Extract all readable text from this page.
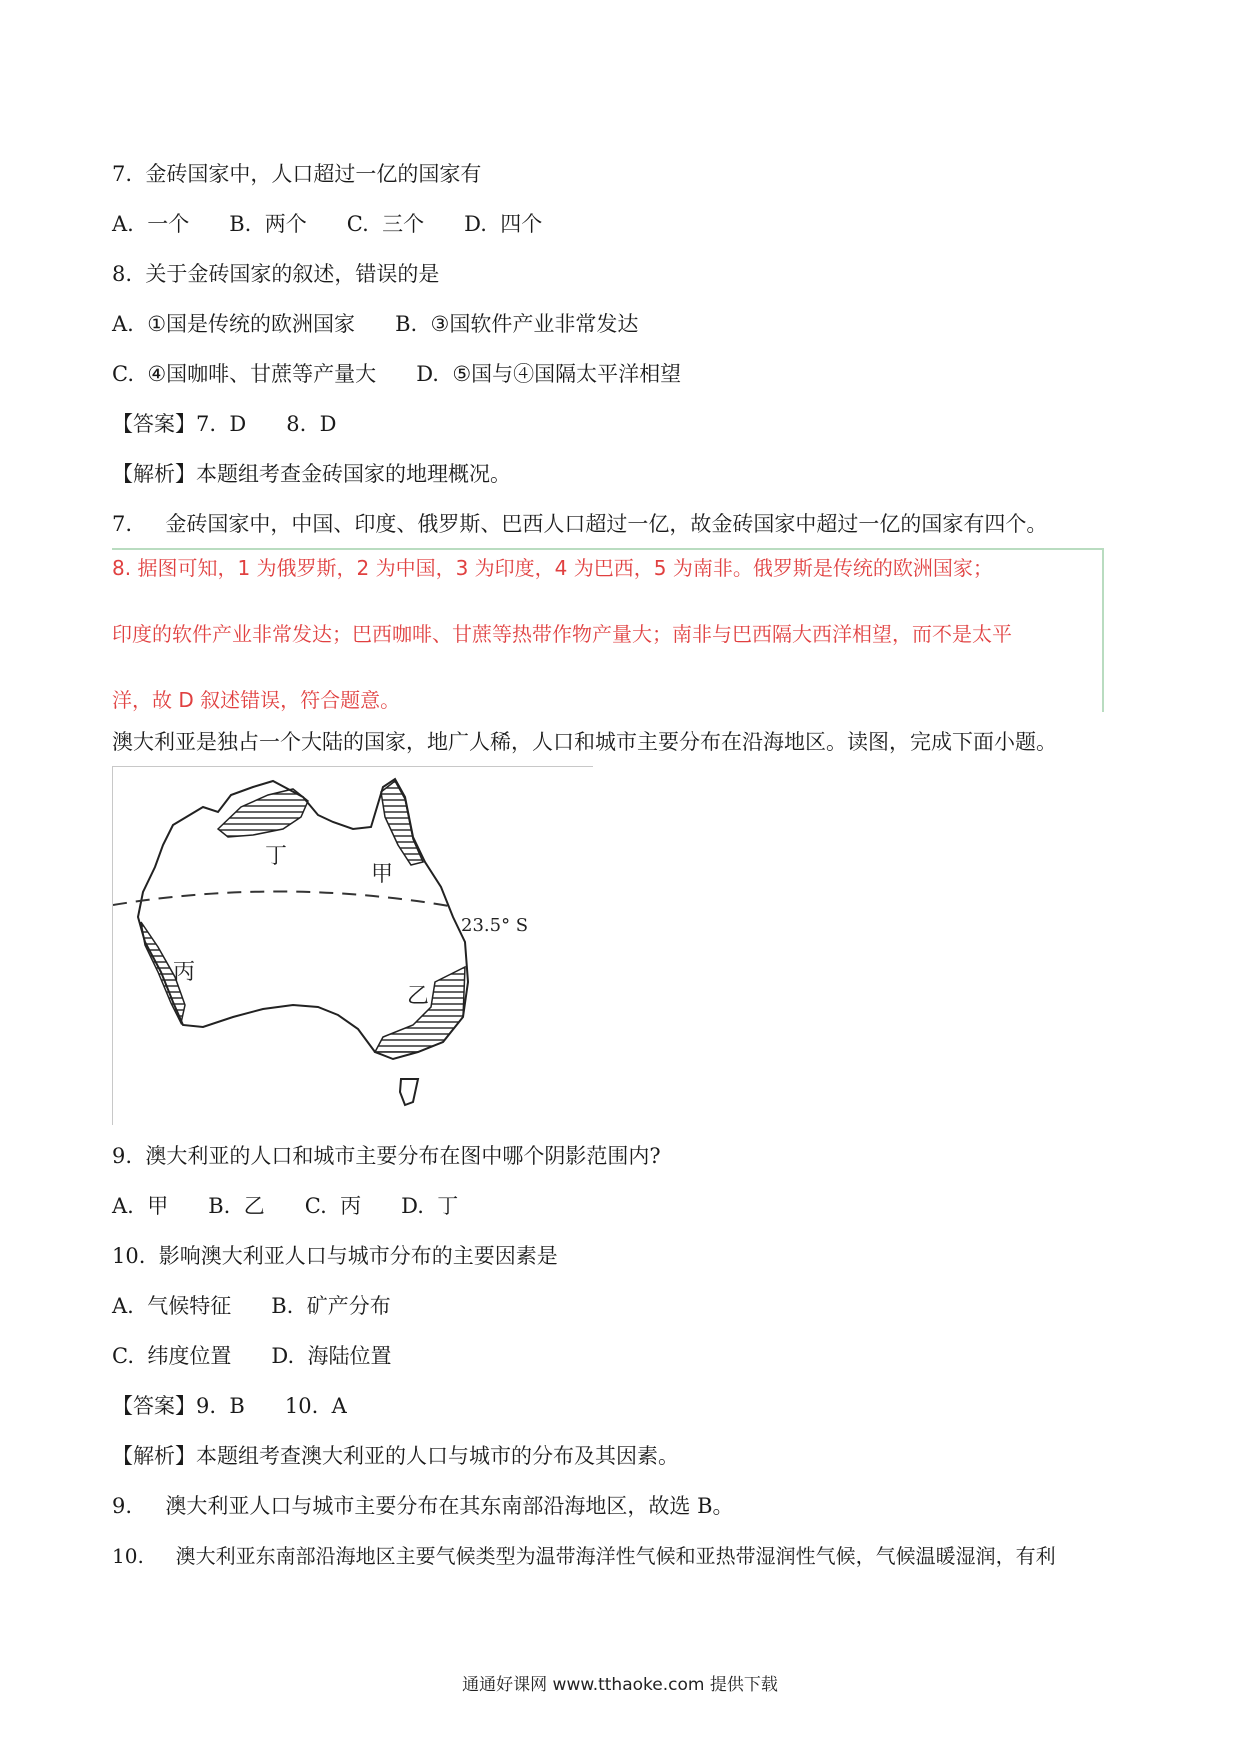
7.  金砖国家中，人口超过一亿的国家有
A.  一个      B.  两个      C.  三个      D.  四个
8.  关于金砖国家的叙述，错误的是
A.  ①国是传统的欧洲国家      B.  ③国软件产业非常发达
C.  ④国咖啡、甘蔗等产量大      D.  ⑤国与④国隔太平洋相望
【答案】7.  D      8.  D
【解析】本题组考查金砖国家的地理概况。
7.     金砖国家中，中国、印度、俄罗斯、巴西人口超过一亿，故金砖国家中超过一亿的国家有四个。
8. 据图可知，1 为俄罗斯，2 为中国，3 为印度，4 为巴西，5 为南非。俄罗斯是传统的欧洲国家；
印度的软件产业非常发达；巴西咖啡、甘蔗等热带作物产量大；南非与巴西隔大西洋相望，而不是太平
洋，故 D 叙述错误，符合题意。
澳大利亚是独占一个大陆的国家，地广人稀，人口和城市主要分布在沿海地区。读图，完成下面小题。
丁
甲
丙
乙
23.5° S
9.  澳大利亚的人口和城市主要分布在图中哪个阴影范围内?
A.  甲      B.  乙      C.  丙      D.  丁
10.  影响澳大利亚人口与城市分布的主要因素是
A.  气候特征      B.  矿产分布
C.  纬度位置      D.  海陆位置
【答案】9.  B      10.  A
【解析】本题组考查澳大利亚的人口与城市的分布及其因素。
9.     澳大利亚人口与城市主要分布在其东南部沿海地区，故选 B。
10.     澳大利亚东南部沿海地区主要气候类型为温带海洋性气候和亚热带湿润性气候，气候温暖湿润，有利
通通好课网 www.tthaoke.com 提供下载
